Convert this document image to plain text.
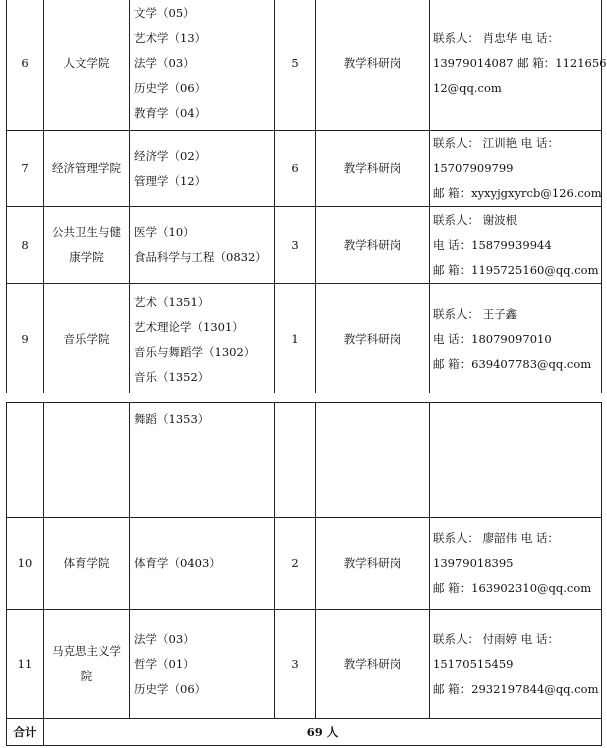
6	人文学院	文学（05）
艺术学（13）
法学（03）
历史学（06）
教育学（04）	5	教学科研岗	联系人： 肖忠华 电 话：
13979014087 邮 箱：1121656
12@qq.com

7	经济管理学院	经济学（02）
管理学（12）	6	教学科研岗	联系人： 江训艳 电 话：
15707909799
邮 箱：xyxyjgxyrcb@126.com

8	公共卫生与健
康学院	医学（10）
食品科学与工程（0832）	3	教学科研岗	联系人： 谢波根
电 话：15879939944
邮 箱：1195725160@qq.com

9	音乐学院	艺术（1351）
艺术理论学（1301）
音乐与舞蹈学（1302）
音乐（1352）	1	教学科研岗	联系人： 王子鑫
电 话：18079097010
邮 箱：639407783@qq.com

		舞蹈（1353）			

10	体育学院	体育学（0403）	2	教学科研岗	联系人： 廖韶伟 电 话：
13979018395
邮 箱：163902310@qq.com

11	马克思主义学
院	法学（03）
哲学（01）
历史学（06）	3	教学科研岗	联系人： 付雨婷 电 话：
15170515459
邮 箱：2932197844@qq.com

合计	69 人				
